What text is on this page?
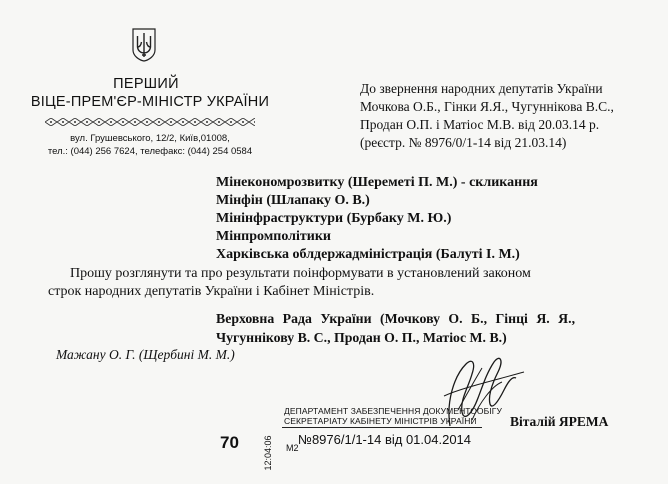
ПЕРШИЙ
ВІЦЕ-ПРЕМ'ЄР-МІНІСТР УКРАЇНИ
вул. Грушевського, 12/2, Київ,01008,
тел.: (044) 256 7624, телефакс: (044) 254 0584
До звернення народних депутатів України
Мочкова О.Б., Гінки Я.Я., Чугуннікова В.С.,
Продан О.П. і Матіос М.В. від 20.03.14 р.
(реєстр. № 8976/0/1-14 від 21.03.14)
Мінекономрозвитку (Шереметі П. М.) - скликання
Мінфін (Шлапаку О. В.)
Мінінфраструктури (Бурбаку М. Ю.)
Мінпромполітики
Харківська облдержадміністрація (Балуті І. М.)
Прошу розглянути та про результати поінформувати в установлений законом
строк народних депутатів України і Кабінет Міністрів.
Верховна Рада України (Мочкову О. Б., Гінці Я. Я.,
Чугуннікову В. С., Продан О. П., Матіос М. В.)
Мажану О. Г. (Щербині М. М.)
Віталій ЯРЕМА
70	12:04:06 М2
ДЕПАРТАМЕНТ ЗАБЕЗПЕЧЕННЯ ДОКУМЕНТООБІГУ
СЕКРЕТАРІАТУ КАБІНЕТУ МІНІСТРІВ УКРАЇНИ
№8976/1/1-14 від 01.04.2014
